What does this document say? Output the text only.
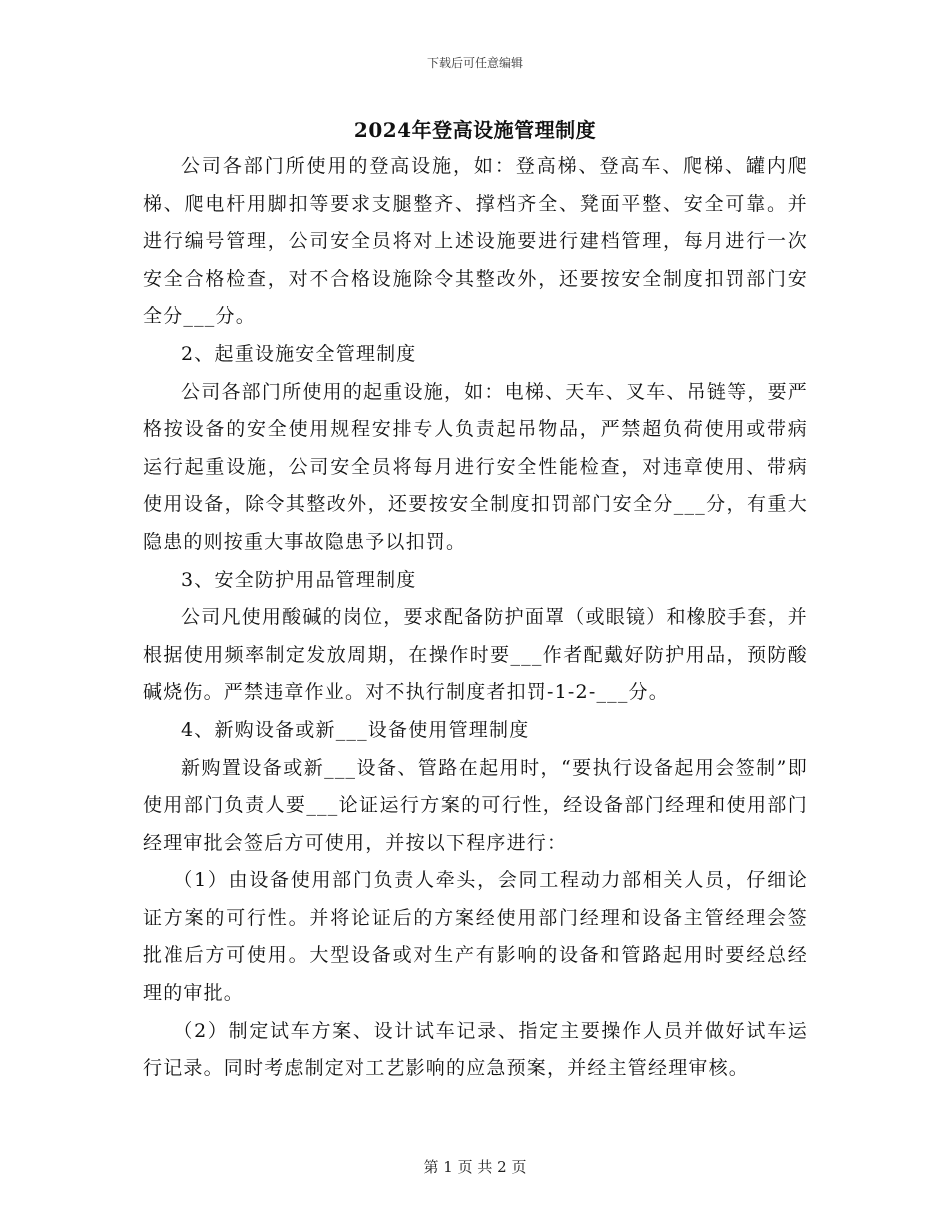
下载后可任意编辑
2024年登高设施管理制度

公司各部门所使用的登高设施，如：登高梯、登高车、爬梯、罐内爬梯、爬电杆用脚扣等要求支腿整齐、撑档齐全、凳面平整、安全可靠。并进行编号管理，公司安全员将对上述设施要进行建档管理，每月进行一次安全合格检查，对不合格设施除令其整改外，还要按安全制度扣罚部门安全分___分。

2、起重设施安全管理制度

公司各部门所使用的起重设施，如：电梯、天车、叉车、吊链等，要严格按设备的安全使用规程安排专人负责起吊物品，严禁超负荷使用或带病运行起重设施，公司安全员将每月进行安全性能检查，对违章使用、带病使用设备，除令其整改外，还要按安全制度扣罚部门安全分___分，有重大隐患的则按重大事故隐患予以扣罚。

3、安全防护用品管理制度

公司凡使用酸碱的岗位，要求配备防护面罩（或眼镜）和橡胶手套，并根据使用频率制定发放周期，在操作时要___作者配戴好防护用品，预防酸碱烧伤。严禁违章作业。对不执行制度者扣罚-1-2-___分。

4、新购设备或新___设备使用管理制度

新购置设备或新___设备、管路在起用时，“要执行设备起用会签制”即使用部门负责人要___论证运行方案的可行性，经设备部门经理和使用部门经理审批会签后方可使用，并按以下程序进行：

（1）由设备使用部门负责人牵头，会同工程动力部相关人员，仔细论证方案的可行性。并将论证后的方案经使用部门经理和设备主管经理会签批准后方可使用。大型设备或对生产有影响的设备和管路起用时要经总经理的审批。

（2）制定试车方案、设计试车记录、指定主要操作人员并做好试车运行记录。同时考虑制定对工艺影响的应急预案，并经主管经理审核。

第 1 页 共 2 页
